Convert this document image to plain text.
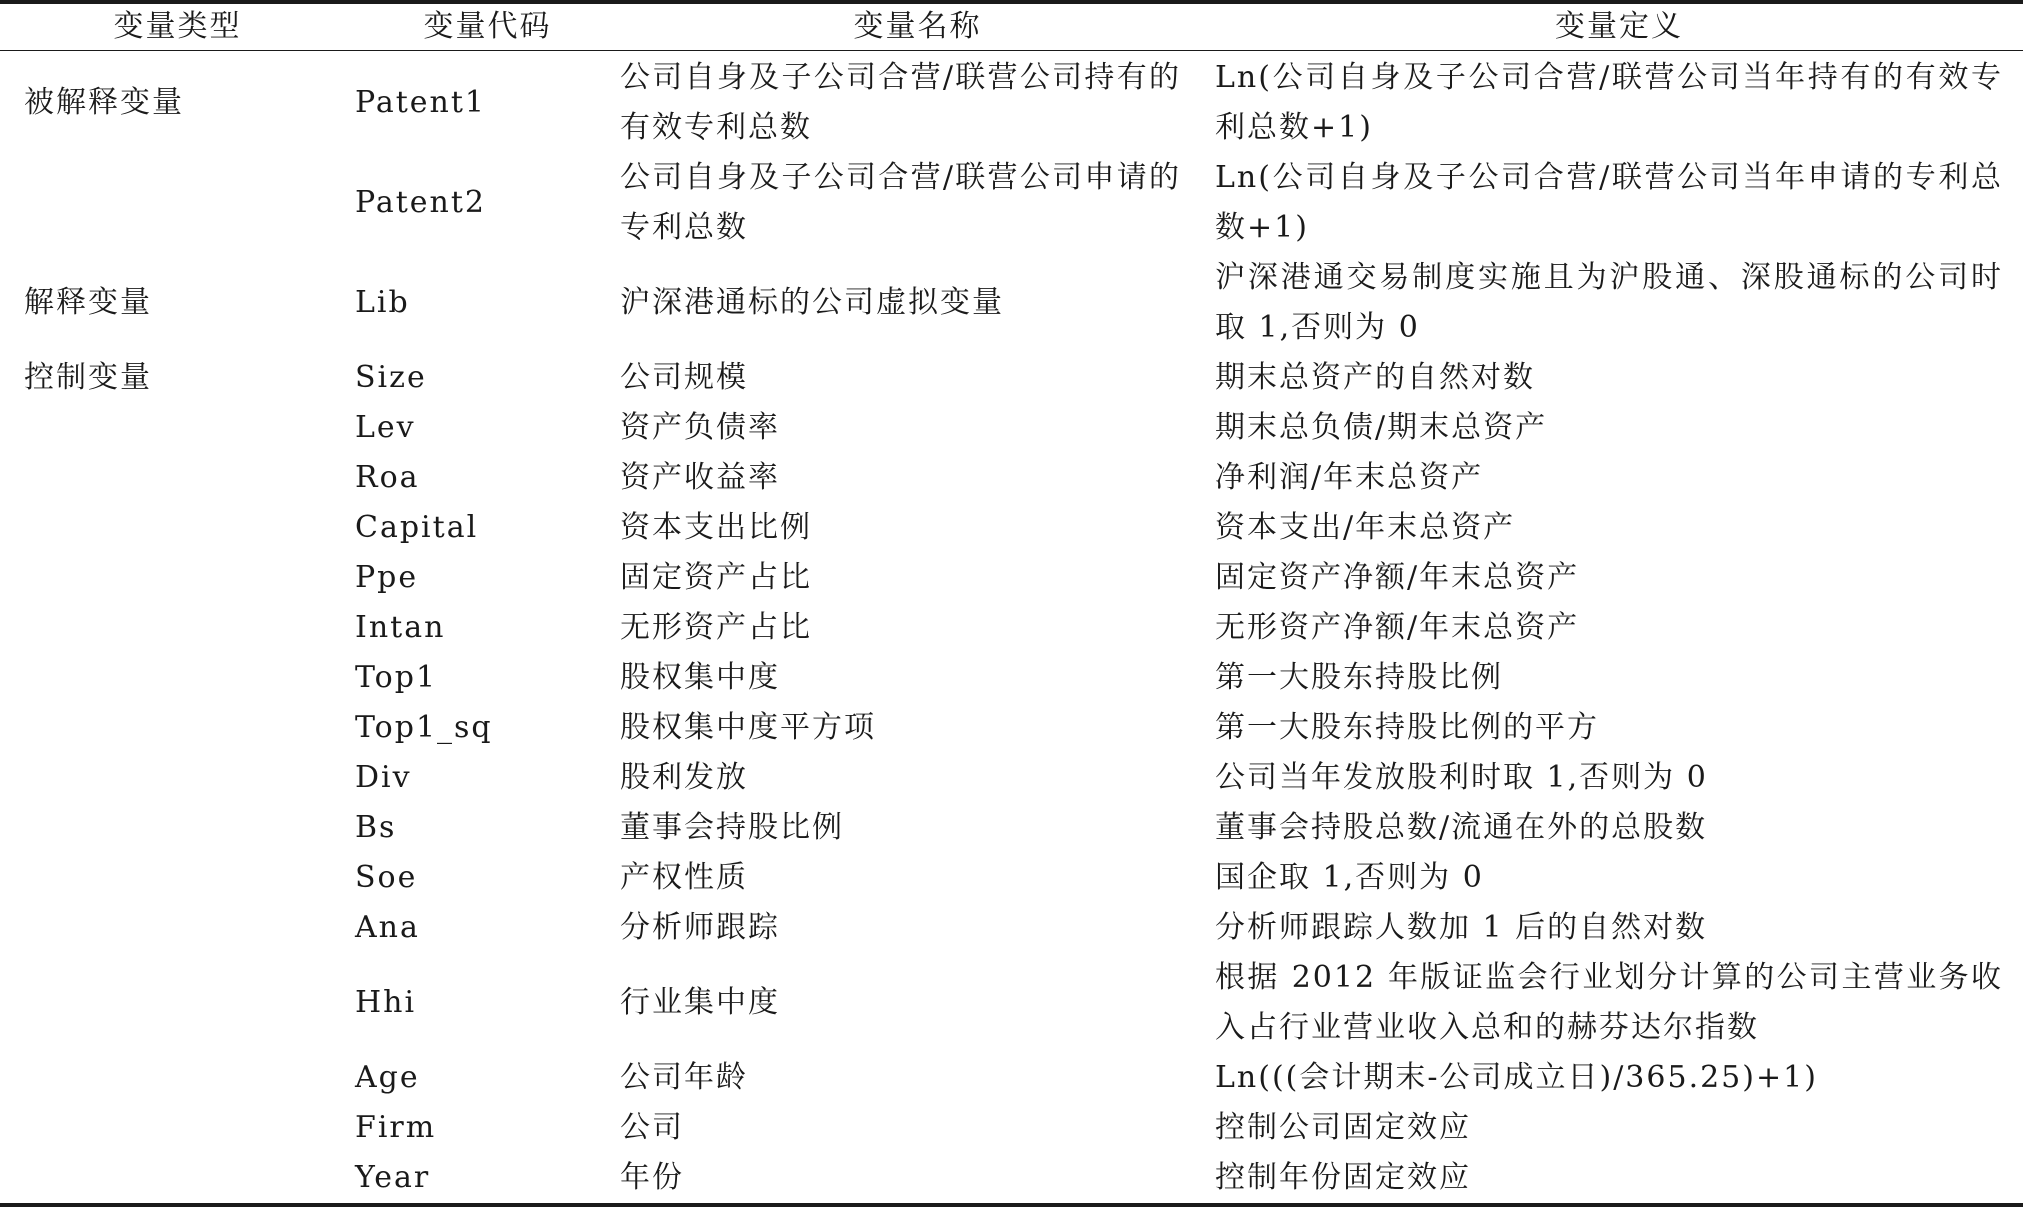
变量类型	变量代码	变量名称	变量定义
被解释变量	Patent1	公司自身及子公司合营/联营公司持有的有效专利总数	Ln(公司自身及子公司合营/联营公司当年持有的有效专利总数+1)
	Patent2	公司自身及子公司合营/联营公司申请的专利总数	Ln(公司自身及子公司合营/联营公司当年申请的专利总数+1)
解释变量	Lib	沪深港通标的公司虚拟变量	沪深港通交易制度实施且为沪股通、深股通标的公司时取 1,否则为 0
控制变量	Size	公司规模	期末总资产的自然对数
	Lev	资产负债率	期末总负债/期末总资产
	Roa	资产收益率	净利润/年末总资产
	Capital	资本支出比例	资本支出/年末总资产
	Ppe	固定资产占比	固定资产净额/年末总资产
	Intan	无形资产占比	无形资产净额/年末总资产
	Top1	股权集中度	第一大股东持股比例
	Top1_sq	股权集中度平方项	第一大股东持股比例的平方
	Div	股利发放	公司当年发放股利时取 1,否则为 0
	Bs	董事会持股比例	董事会持股总数/流通在外的总股数
	Soe	产权性质	国企取 1,否则为 0
	Ana	分析师跟踪	分析师跟踪人数加 1 后的自然对数
	Hhi	行业集中度	根据 2012 年版证监会行业划分计算的公司主营业务收入占行业营业收入总和的赫芬达尔指数
	Age	公司年龄	Ln(((会计期末-公司成立日)/365.25)+1)
	Firm	公司	控制公司固定效应
	Year	年份	控制年份固定效应
